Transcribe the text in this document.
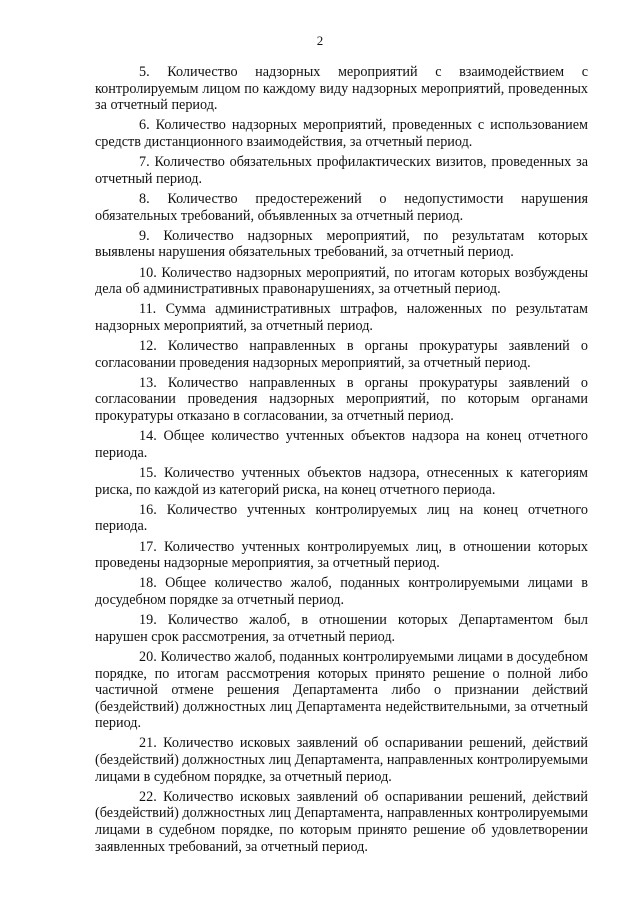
2

5. Количество надзорных мероприятий с взаимодействием с контролируемым лицом по каждому виду надзорных мероприятий, проведенных за отчетный период.

6. Количество надзорных мероприятий, проведенных с использованием средств дистанционного взаимодействия, за отчетный период.

7. Количество обязательных профилактических визитов, проведенных за отчетный период.

8. Количество предостережений о недопустимости нарушения обязательных требований, объявленных за отчетный период.

9. Количество надзорных мероприятий, по результатам которых выявлены нарушения обязательных требований, за отчетный период.

10. Количество надзорных мероприятий, по итогам которых возбуждены дела об административных правонарушениях, за отчетный период.

11. Сумма административных штрафов, наложенных по результатам надзорных мероприятий, за отчетный период.

12. Количество направленных в органы прокуратуры заявлений о согласовании проведения надзорных мероприятий, за отчетный период.

13. Количество направленных в органы прокуратуры заявлений о согласовании проведения надзорных мероприятий, по которым органами прокуратуры отказано в согласовании, за отчетный период.

14. Общее количество учтенных объектов надзора на конец отчетного периода.

15. Количество учтенных объектов надзора, отнесенных к категориям риска, по каждой из категорий риска, на конец отчетного периода.

16. Количество учтенных контролируемых лиц на конец отчетного периода.

17. Количество учтенных контролируемых лиц, в отношении которых проведены надзорные мероприятия, за отчетный период.

18. Общее количество жалоб, поданных контролируемыми лицами в досудебном порядке за отчетный период.

19. Количество жалоб, в отношении которых Департаментом был нарушен срок рассмотрения, за отчетный период.

20. Количество жалоб, поданных контролируемыми лицами в досудебном порядке, по итогам рассмотрения которых принято решение о полной либо частичной отмене решения Департамента либо о признании действий (бездействий) должностных лиц Департамента недействительными, за отчетный период.

21. Количество исковых заявлений об оспаривании решений, действий (бездействий) должностных лиц Департамента, направленных контролируемыми лицами в судебном порядке, за отчетный период.

22. Количество исковых заявлений об оспаривании решений, действий (бездействий) должностных лиц Департамента, направленных контролируемыми лицами в судебном порядке, по которым принято решение об удовлетворении заявленных требований, за отчетный период.
